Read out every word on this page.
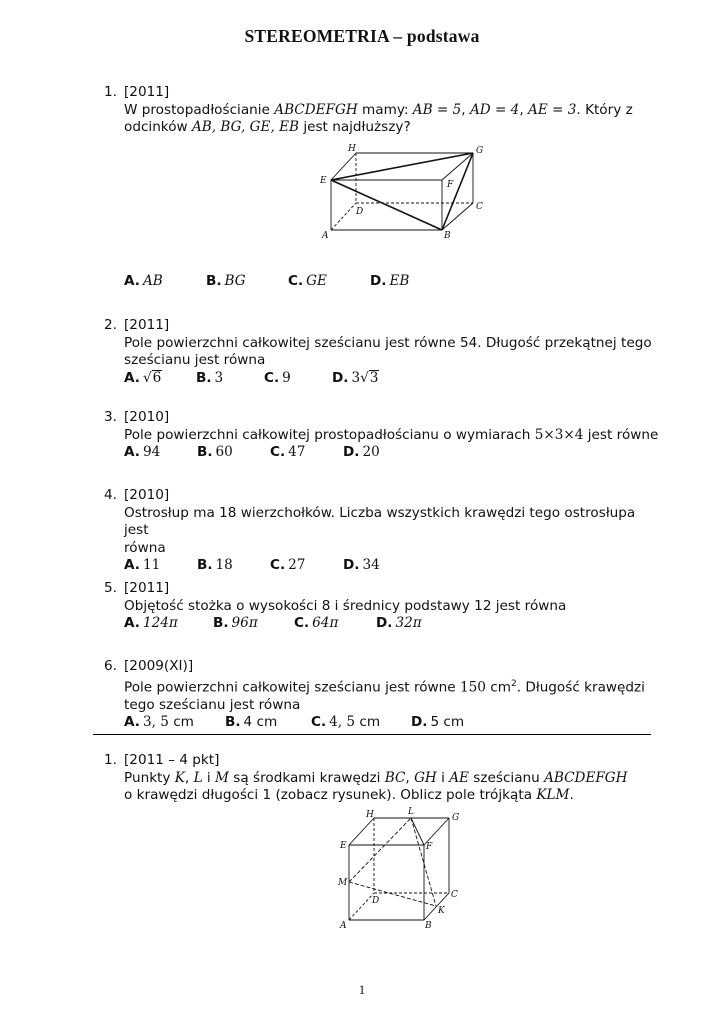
STEREOMETRIA – podstawa
1. [2011]
W prostopadłościanie ABCDEFGH mamy: AB = 5, AD = 4, AE = 3. Który z
odcinków AB, BG, GE, EB jest najdłuższy?
H	G
E	F
D	C
A	B
A. AB	B. BG	C. GE	D. EB
2. [2011]
Pole powierzchni całkowitej sześcianu jest równe 54. Długość przekątnej tego
sześcianu jest równa
A. √6	B. 3	C. 9	D. 3√3
3. [2010]
Pole powierzchni całkowitej prostopadłościanu o wymiarach 5×3×4 jest równe
A. 94	B. 60	C. 47	D. 20
4. [2010]
Ostrosłup ma 18 wierzchołków. Liczba wszystkich krawędzi tego ostrosłupa jest
równa
A. 11	B. 18	C. 27	D. 34
5. [2011]
Objętość stożka o wysokości 8 i średnicy podstawy 12 jest równa
A. 124π	B. 96π	C. 64π	D. 32π
6. [2009(XI)]
Pole powierzchni całkowitej sześcianu jest równe 150 $cm^2$. Długość krawędzi
tego sześcianu jest równa
A. 3, 5 cm B. 4 cm C. 4, 5 cm D. 5 cm
1. [2011 – 4 pkt]
Punkty K, L i M są środkami krawędzi BC, GH i AE sześcianu ABCDEFGH
o krawędzi długości 1 (zobacz rysunek). Oblicz pole trójkąta KLM.
H	L
G
E	F
M
C
D
K
A	B
1
